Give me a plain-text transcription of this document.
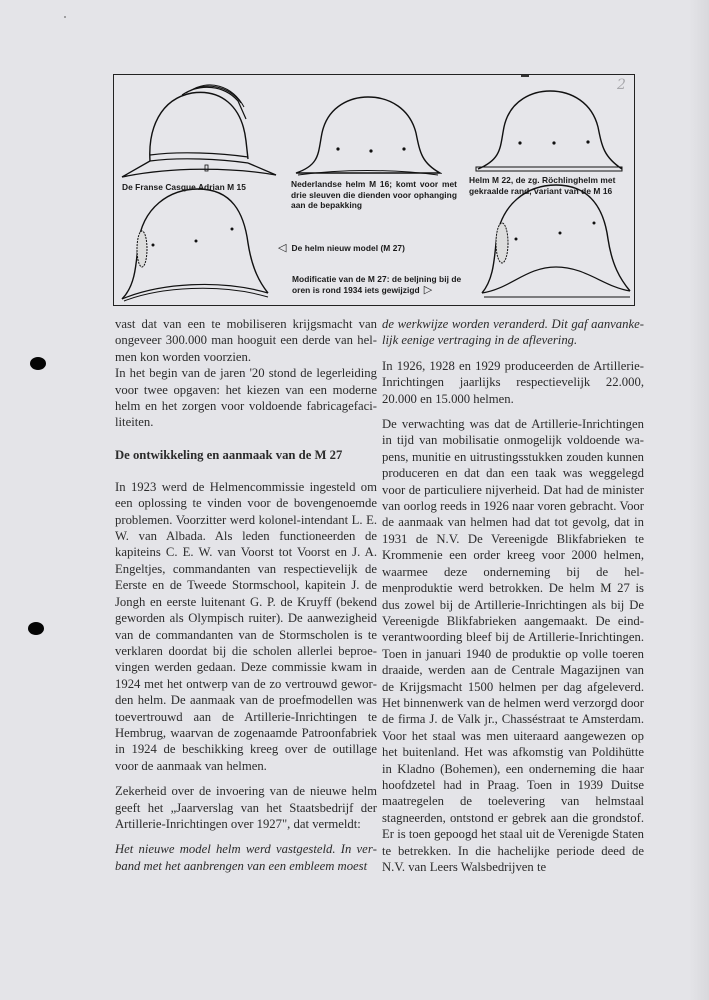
2
De Franse Casque Adrian M 15	Nederlandse helm M 16; komt voor met drie sleuven die dienden voor ophanging aan de bepakking
Helm M 22, de zg. Röchlinghelm met gekraalde rand, variant van de M 16
◁ De helm nieuw model (M 27)
Modificatie van de M 27: de beljning bij de oren is rond 1934 iets gewijzigd ▷

vast dat van een te mobiliseren krijgsmacht van ongeveer 300.000 man hooguit een derde van helmen kon worden voorzien.

In het begin van de jaren '20 stond de legerleiding voor twee opgaven: het kiezen van een moderne helm en het zorgen voor voldoende fabricagefaciliteiten.

De ontwikkeling en aanmaak van de M 27

In 1923 werd de Helmencommissie ingesteld om een oplossing te vinden voor de bovengenoemde problemen. Voorzitter werd kolonel-intendant L. E. W. van Albada. Als leden functioneerden de kapiteins C. E. W. van Voorst tot Voorst en J. A. Engeltjes, commandanten van respectievelijk de Eerste en de Tweede Stormschool, kapitein J. de Jongh en eerste luitenant G. P. de Kruyff (bekend geworden als Olympisch ruiter). De aanwezigheid van de commandanten van de Stormscholen is te verklaren doordat bij die scholen allerlei beproevingen werden gedaan. Deze commissie kwam in 1924 met het ontwerp van de zo vertrouwd geworden helm. De aanmaak van de proefmodellen was toevertrouwd aan de Artillerie-Inrichtingen te Hembrug, waarvan de zogenaamde Patroonfabriek in 1924 de beschikking kreeg over de outillage voor de aanmaak van helmen.

Zekerheid over de invoering van de nieuwe helm geeft het „Jaarverslag van het Staatsbedrijf der Artillerie-Inrichtingen over 1927", dat vermeldt:

Het nieuwe model helm werd vastgesteld. In verband met het aanbrengen van een embleem moest

de werkwijze worden veranderd. Dit gaf aanvankelijk eenige vertraging in de aflevering.

In 1926, 1928 en 1929 produceerden de Artillerie-Inrichtingen jaarlijks respectievelijk 22.000, 20.000 en 15.000 helmen.

De verwachting was dat de Artillerie-Inrichtingen in tijd van mobilisatie onmogelijk voldoende wapens, munitie en uitrustingsstukken zouden kunnen produceren en dat dan een taak was weggelegd voor de particuliere nijverheid. Dat had de minister van oorlog reeds in 1926 naar voren gebracht. Voor de aanmaak van helmen had dat tot gevolg, dat in 1931 de N.V. De Vereenigde Blikfabrieken te Krommenie een order kreeg voor 2000 helmen, waarmee deze onderneming bij de helmenproduktie werd betrokken. De helm M 27 is dus zowel bij de Artillerie-Inrichtingen als bij De Vereenigde Blikfabrieken aangemaakt. De eindverantwoording bleef bij de Artillerie-Inrichtingen. Toen in januari 1940 de produktie op volle toeren draaide, werden aan de Centrale Magazijnen van de Krijgsmacht 1500 helmen per dag afgeleverd. Het binnenwerk van de helmen werd verzorgd door de firma J. de Valk jr., Chasséstraat te Amsterdam. Voor het staal was men uiteraard aangewezen op het buitenland. Het was afkomstig van Poldihütte in Kladno (Bohemen), een onderneming die haar hoofdzetel had in Praag. Toen in 1939 Duitse maatregelen de toelevering van helmstaal stagneerden, ontstond er gebrek aan die grondstof. Er is toen gepoogd het staal uit de Verenigde Staten te betrekken. In die hachelijke periode deed de N.V. van Leers Walsbedrijven te
